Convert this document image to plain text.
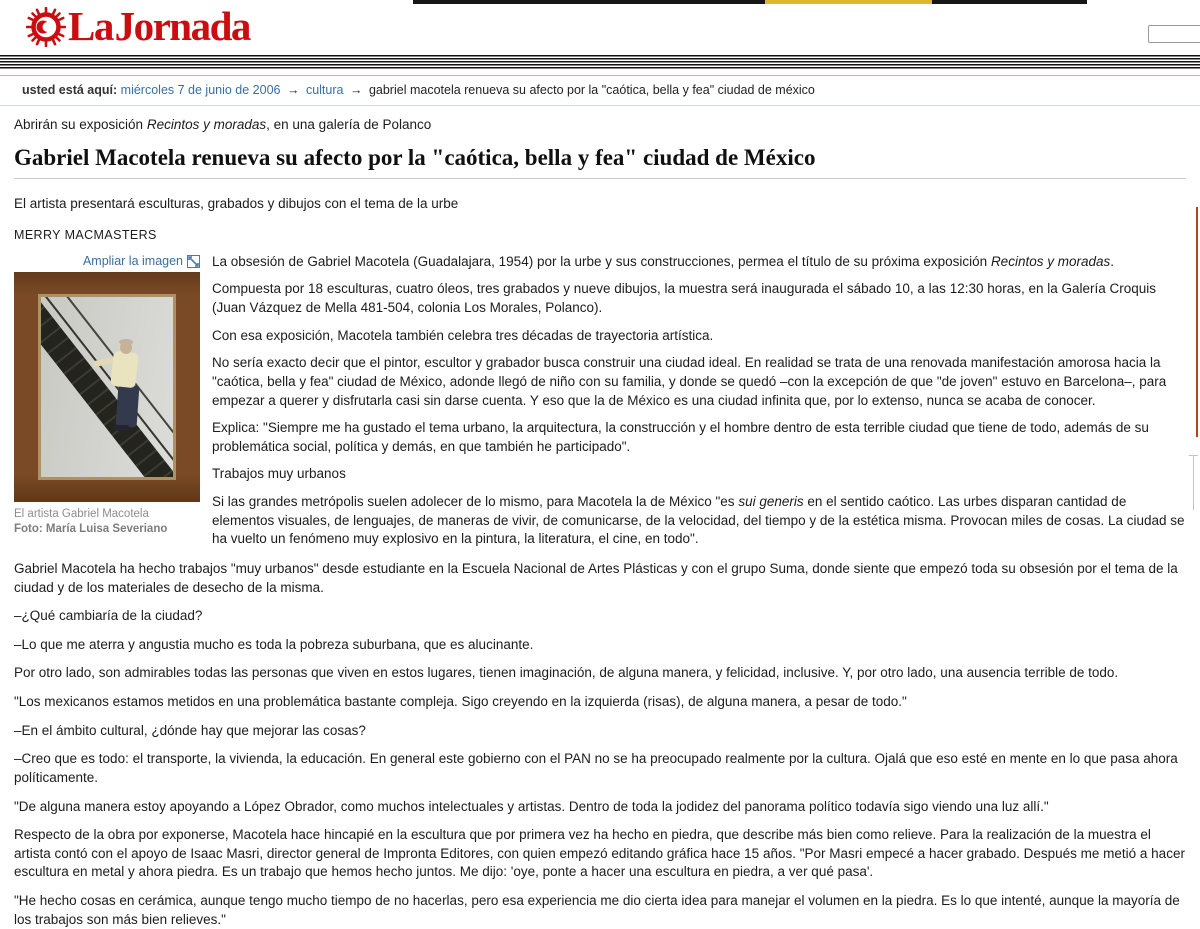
La Jornada
usted está aquí: miércoles 7 de junio de 2006 → cultura → gabriel macotela renueva su afecto por la "caótica, bella y fea" ciudad de méxico
Abrirán su exposición Recintos y moradas, en una galería de Polanco
Gabriel Macotela renueva su afecto por la "caótica, bella y fea" ciudad de México
El artista presentará esculturas, grabados y dibujos con el tema de la urbe
MERRY MACMASTERS
Ampliar la imagen
El artista Gabriel Macotela
Foto: María Luisa Severiano

La obsesión de Gabriel Macotela (Guadalajara, 1954) por la urbe y sus construcciones, permea el título de su próxima exposición Recintos y moradas.

Compuesta por 18 esculturas, cuatro óleos, tres grabados y nueve dibujos, la muestra será inaugurada el sábado 10, a las 12:30 horas, en la Galería Croquis (Juan Vázquez de Mella 481-504, colonia Los Morales, Polanco).

Con esa exposición, Macotela también celebra tres décadas de trayectoria artística.

No sería exacto decir que el pintor, escultor y grabador busca construir una ciudad ideal. En realidad se trata de una renovada manifestación amorosa hacia la "caótica, bella y fea" ciudad de México, adonde llegó de niño con su familia, y donde se quedó –con la excepción de que "de joven" estuvo en Barcelona–, para empezar a querer y disfrutarla casi sin darse cuenta. Y eso que la de México es una ciudad infinita que, por lo extenso, nunca se acaba de conocer.

Explica: "Siempre me ha gustado el tema urbano, la arquitectura, la construcción y el hombre dentro de esta terrible ciudad que tiene de todo, además de su problemática social, política y demás, en que también he participado".

Trabajos muy urbanos

Si las grandes metrópolis suelen adolecer de lo mismo, para Macotela la de México "es sui generis en el sentido caótico. Las urbes disparan cantidad de elementos visuales, de lenguajes, de maneras de vivir, de comunicarse, de la velocidad, del tiempo y de la estética misma. Provocan miles de cosas. La ciudad se ha vuelto un fenómeno muy explosivo en la pintura, la literatura, el cine, en todo".

Gabriel Macotela ha hecho trabajos "muy urbanos" desde estudiante en la Escuela Nacional de Artes Plásticas y con el grupo Suma, donde siente que empezó toda su obsesión por el tema de la ciudad y de los materiales de desecho de la misma.

–¿Qué cambiaría de la ciudad?

–Lo que me aterra y angustia mucho es toda la pobreza suburbana, que es alucinante.

Por otro lado, son admirables todas las personas que viven en estos lugares, tienen imaginación, de alguna manera, y felicidad, inclusive. Y, por otro lado, una ausencia terrible de todo.

"Los mexicanos estamos metidos en una problemática bastante compleja. Sigo creyendo en la izquierda (risas), de alguna manera, a pesar de todo."

–En el ámbito cultural, ¿dónde hay que mejorar las cosas?

–Creo que es todo: el transporte, la vivienda, la educación. En general este gobierno con el PAN no se ha preocupado realmente por la cultura. Ojalá que eso esté en mente en lo que pasa ahora políticamente.

"De alguna manera estoy apoyando a López Obrador, como muchos intelectuales y artistas. Dentro de toda la jodidez del panorama político todavía sigo viendo una luz allí."

Respecto de la obra por exponerse, Macotela hace hincapié en la escultura que por primera vez ha hecho en piedra, que describe más bien como relieve. Para la realización de la muestra el artista contó con el apoyo de Isaac Masri, director general de Impronta Editores, con quien empezó editando gráfica hace 15 años. "Por Masri empecé a hacer grabado. Después me metió a hacer escultura en metal y ahora piedra. Es un trabajo que hemos hecho juntos. Me dijo: 'oye, ponte a hacer una escultura en piedra, a ver qué pasa'.

"He hecho cosas en cerámica, aunque tengo mucho tiempo de no hacerlas, pero esa experiencia me dio cierta idea para manejar el volumen en la piedra. Es lo que intenté, aunque la mayoría de los trabajos son más bien relieves."
